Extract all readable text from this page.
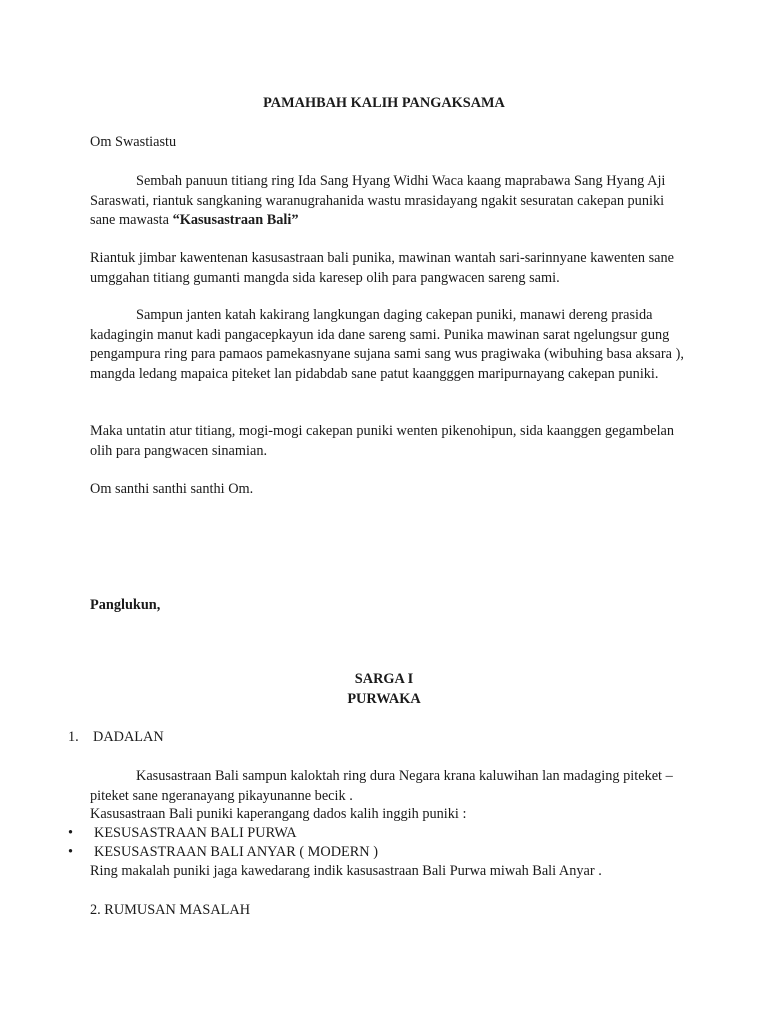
PAMAHBAH KALIH PANGAKSAMA

Om Swastiastu

Sembah panuun titiang ring Ida Sang Hyang Widhi Waca kaang maprabawa Sang Hyang Aji Saraswati, riantuk sangkaning waranugrahanida wastu mrasidayang ngakit sesuratan cakepan puniki sane mawasta “Kasusastraan Bali”

Riantuk jimbar kawentenan kasusastraan bali punika, mawinan wantah sari-sarinnyane kawenten sane umggahan titiang gumanti mangda sida karesep olih para pangwacen sareng sami.

Sampun janten katah kakirang langkungan daging cakepan puniki, manawi dereng prasida kadagingin manut kadi pangacepkayun ida dane sareng sami. Punika mawinan sarat ngelungsur gung pengampura ring para pamaos pamekasnyane sujana sami sang wus pragiwaka (wibuhing basa aksara ), mangda ledang mapaica piteket lan pidabdab sane patut kaangggen maripurnayang cakepan puniki.

Maka untatin atur titiang, mogi-mogi cakepan puniki wenten pikenohipun, sida kaanggen gegambelan olih para pangwacen sinamian.

Om santhi santhi santhi Om.

Panglukun,

SARGA I

PURWAKA

1. DADALAN

Kasusastraan Bali sampun kaloktah ring dura Negara krana kaluwihan lan madaging piteket – piteket sane ngeranayang pikayunanne becik .

Kasusastraan Bali puniki kaperangang dados kalih inggih puniki :

• KESUSASTRAAN BALI PURWA
• KESUSASTRAAN BALI ANYAR ( MODERN )

Ring makalah puniki jaga kawedarang indik kasusastraan Bali Purwa miwah Bali Anyar .

2. RUMUSAN MASALAH
